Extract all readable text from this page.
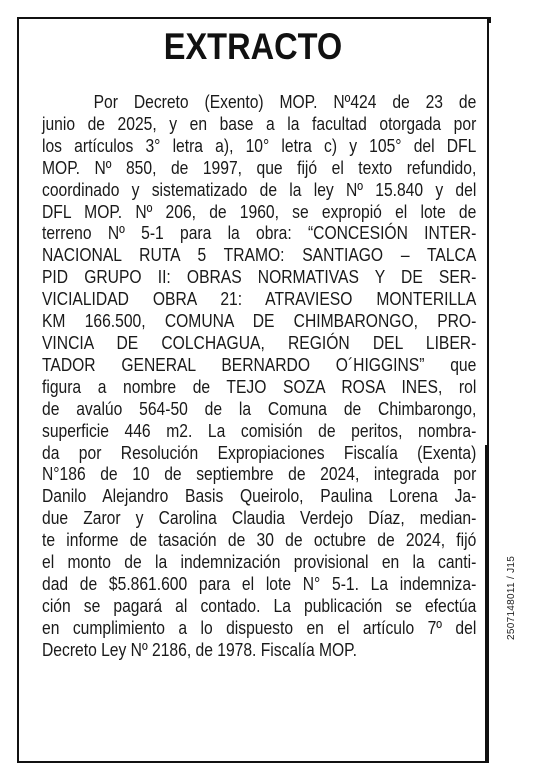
EXTRACTO
Por Decreto (Exento) MOP. Nº424 de 23 de
junio de 2025, y en base a la facultad otorgada por
los artículos 3° letra a), 10° letra c) y 105° del DFL
MOP. Nº 850, de 1997, que fijó el texto refundido,
coordinado y sistematizado de la ley Nº 15.840 y del
DFL MOP. Nº 206, de 1960, se expropió el lote de
terreno Nº 5-1 para la obra: “CONCESIÓN INTER-
NACIONAL RUTA 5 TRAMO: SANTIAGO – TALCA
PID GRUPO II: OBRAS NORMATIVAS Y DE SER-
VICIALIDAD OBRA 21: ATRAVIESO MONTERILLA
KM 166.500, COMUNA DE CHIMBARONGO, PRO-
VINCIA DE COLCHAGUA, REGIÓN DEL LIBER-
TADOR GENERAL BERNARDO O´HIGGINS” que
figura a nombre de TEJO SOZA ROSA INES, rol
de avalúo 564-50 de la Comuna de Chimbarongo,
superficie 446 m2. La comisión de peritos, nombra-
da por Resolución Expropiaciones Fiscalía (Exenta)
N°186 de 10 de septiembre de 2024, integrada por
Danilo Alejandro Basis Queirolo, Paulina Lorena Ja-
due Zaror y Carolina Claudia Verdejo Díaz, median-
te informe de tasación de 30 de octubre de 2024, fijó
el monto de la indemnización provisional en la canti-
dad de $5.861.600 para el lote N° 5-1. La indemniza-
ción se pagará al contado. La publicación se efectúa
en cumplimiento a lo dispuesto en el artículo 7º del
Decreto Ley Nº 2186, de 1978. Fiscalía MOP.
2507148011 / J15
